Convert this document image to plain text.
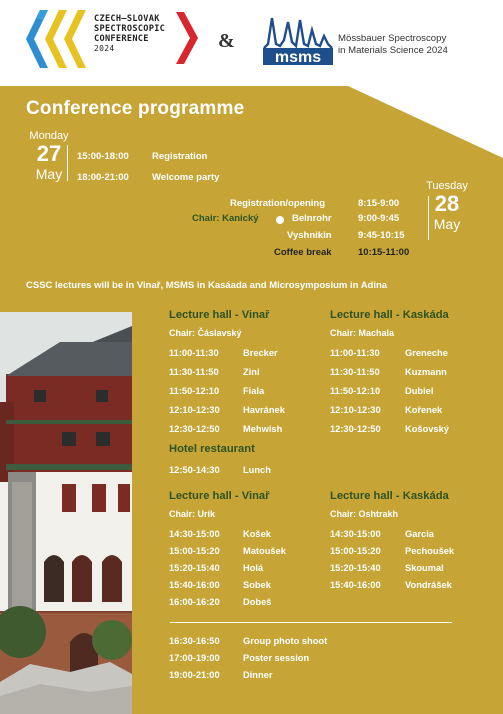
CZECH–SLOVAK
SPECTROSCOPIC
CONFERENCE
2024	&
msms
Mössbauer Spectroscopy
in Materials Science 2024
Conference programme
Monday
27
May
15:00-18:00 Registration
18:00-21:00 Welcome party
Registration/opening	8:15-9:00
Chair: Kanický	Belnrohr	9:00-9:45
Vyshnikin	9:45-10:15
Coffee break	10:15-11:00
Tuesday
28
May
CSSC lectures will be in Vinař, MSMS in Kasáada and Microsymposium in Adina
Lecture hall - Vinař
Chair: Čáslavský
11:00-11:30	Brecker
11:30-11:50	Zini
11:50-12:10	Fiala
12:10-12:30	Havránek
12:30-12:50	Mehwish
Lecture hall - Kaskáda
Chair: Machala
11:00-11:30	Greneche
11:30-11:50	Kuzmann
11:50-12:10	Dubiel
12:10-12:30	Kořenek
12:30-12:50	Košovský
Hotel restaurant
12:50-14:30	Lunch
Lecture hall - Vinař
Chair: Urík
14:30-15:00	Košek
15:00-15:20	Matoušek
15:20-15:40	Holá
15:40-16:00	Sobek
16:00-16:20	Dobeš
Lecture hall - Kaskáda
Chair: Oshtrakh
14:30-15:00	Garcia
15:00-15:20	Pechoušek
15:20-15:40	Skoumal
15:40-16:00	Vondrášek
16:30-16:50	Group photo shoot
17:00-19:00	Poster session
19:00-21:00	Dinner
